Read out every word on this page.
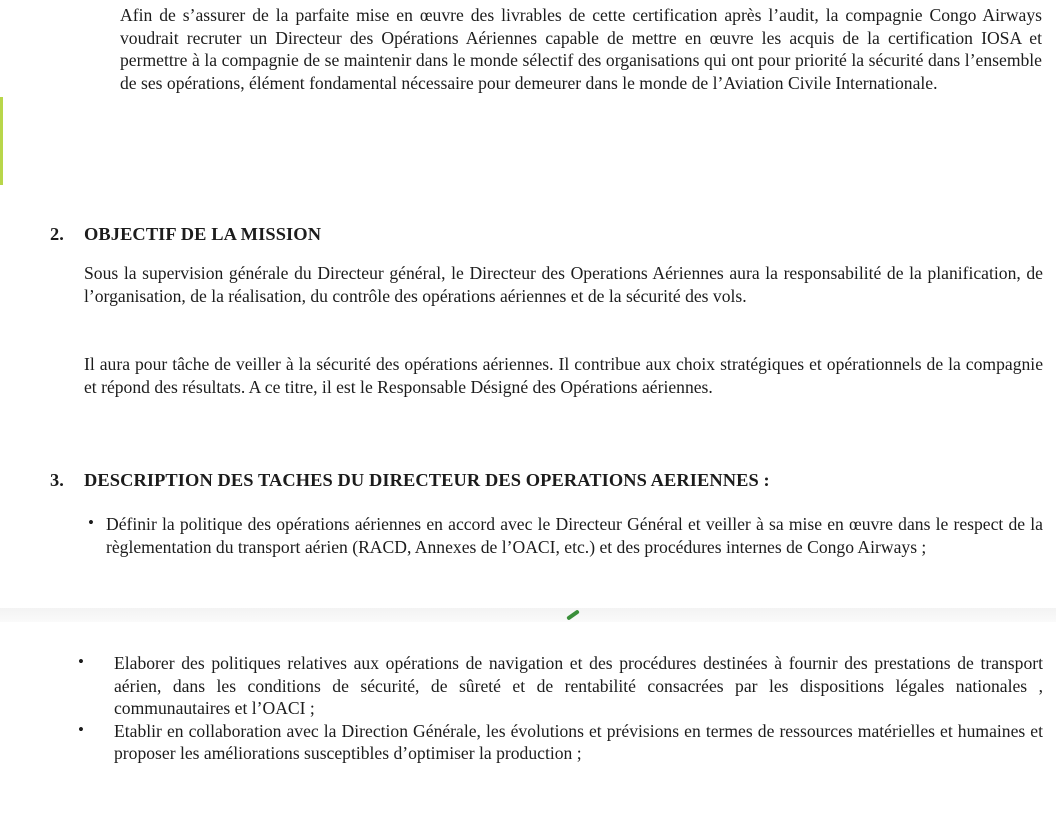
Afin de s’assurer de la parfaite mise en œuvre des livrables de cette certification après l’audit, la compagnie Congo Airways voudrait recruter un Directeur des Opérations Aériennes capable de mettre en œuvre les acquis de la certification IOSA et permettre à la compagnie de se maintenir dans le monde sélectif des organisations qui ont pour priorité la sécurité dans l’ensemble de ses opérations, élément fondamental nécessaire pour demeurer dans le monde de l’Aviation Civile Internationale.

2. OBJECTIF DE LA MISSION

Sous la supervision générale du Directeur général, le Directeur des Operations Aériennes aura la responsabilité de la planification, de l’organisation, de la réalisation, du contrôle des opérations aériennes et de la sécurité des vols.

Il aura pour tâche de veiller à la sécurité des opérations aériennes. Il contribue aux choix stratégiques et opérationnels de la compagnie et répond des résultats. A ce titre, il est le Responsable Désigné des Opérations aériennes.

3. DESCRIPTION DES TACHES DU DIRECTEUR DES OPERATIONS AERIENNES :
• Définir la politique des opérations aériennes en accord avec le Directeur Général et veiller à sa mise en œuvre dans le respect de la règlementation du transport aérien (RACD, Annexes de l’OACI, etc.) et des procédures internes de Congo Airways ;
• Elaborer des politiques relatives aux opérations de navigation et des procédures destinées à fournir des prestations de transport aérien, dans les conditions de sécurité, de sûreté et de rentabilité consacrées par les dispositions légales nationales , communautaires et l’OACI ;
• Etablir en collaboration avec la Direction Générale, les évolutions et prévisions en termes de ressources matérielles et humaines et proposer les améliorations susceptibles d’optimiser la production ;
